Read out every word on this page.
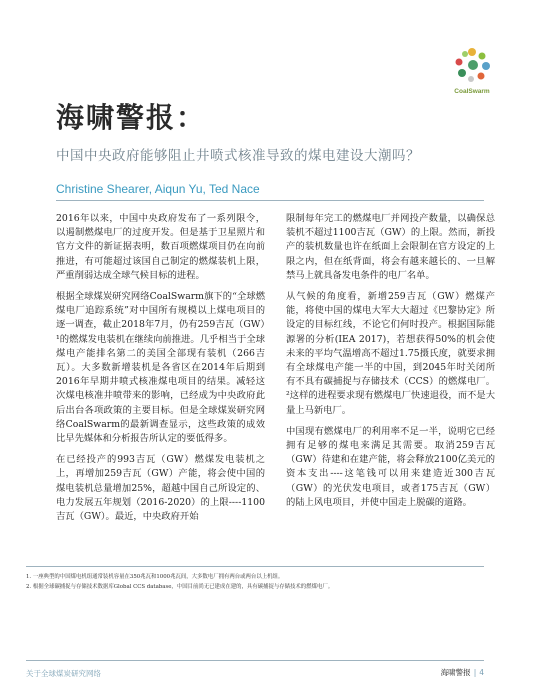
CoalSwarm
海啸警报：
中国中央政府能够阻止井喷式核准导致的煤电建设大潮吗？
Christine Shearer, Aiqun Yu, Ted Nace

2016年以来，中国中央政府发布了一系列限令，以遏制燃煤电厂的过度开发。但是基于卫星照片和官方文件的新证据表明，数百项燃煤项目仍在向前推进，有可能超过该国自己制定的燃煤装机上限，严重削弱达成全球气候目标的进程。

根据全球煤炭研究网络CoalSwarm旗下的“全球燃煤电厂追踪系统”对中国所有规模以上煤电项目的逐一调查，截止2018年7月，仍有259吉瓦（GW）¹的燃煤发电装机在继续向前推进。几乎相当于全球煤电产能排名第二的美国全部现有装机（266吉瓦）。大多数新增装机是各省区在2014年后期到2016年早期井喷式核准煤电项目的结果。减轻这次煤电核准井喷带来的影响，已经成为中央政府此后出台各项政策的主要目标。但是全球煤炭研究网络CoalSwarm的最新调查显示，这些政策的成效比早先媒体和分析报告所认定的要低得多。

在已经投产的993吉瓦（GW）燃煤发电装机之上，再增加259吉瓦（GW）产能，将会使中国的煤电装机总量增加25%，超越中国自己所设定的、电力发展五年规划（2016-2020）的上限----1100吉瓦（GW）。最近，中央政府开始

限制每年完工的燃煤电厂并网投产数量，以确保总装机不超过1100吉瓦（GW）的上限。然而，新投产的装机数量也许在纸面上会限制在官方设定的上限之内，但在纸背面，将会有越来越长的、一旦解禁马上就具备发电条件的电厂名单。

从气候的角度看，新增259吉瓦（GW）燃煤产能，将使中国的煤电大军大大超过《巴黎协定》所设定的目标红线，不论它们何时投产。根据国际能源署的分析(IEA 2017)，若想获得50%的机会使未来的平均气温增高不超过1.75摄氏度，就要求拥有全球煤电产能一半的中国，到2045年时关闭所有不具有碳捕捉与存储技术（CCS）的燃煤电厂。²这样的进程要求现有燃煤电厂快速退役，而不是大量上马新电厂。

中国现有燃煤电厂的利用率不足一半，说明它已经拥有足够的煤电来满足其需要。取消259吉瓦（GW）待建和在建产能，将会释放2100亿美元的资本支出----这笔钱可以用来建造近300吉瓦（GW）的光伏发电项目，或者175吉瓦（GW）的陆上风电项目，并使中国走上脱碳的道路。

1. 一座典型的中国煤电机组通常装机容量在350兆瓦和1000兆瓦间，大多数电厂拥有两台或两台以上机组。
2. 根据全球碳捕捉与存储技术数据库Global CCS database，中国目前尚无已建成在建的，具有碳捕捉与存储技术的燃煤电厂。
关于全球煤炭研究网络	海啸警报 | 4
